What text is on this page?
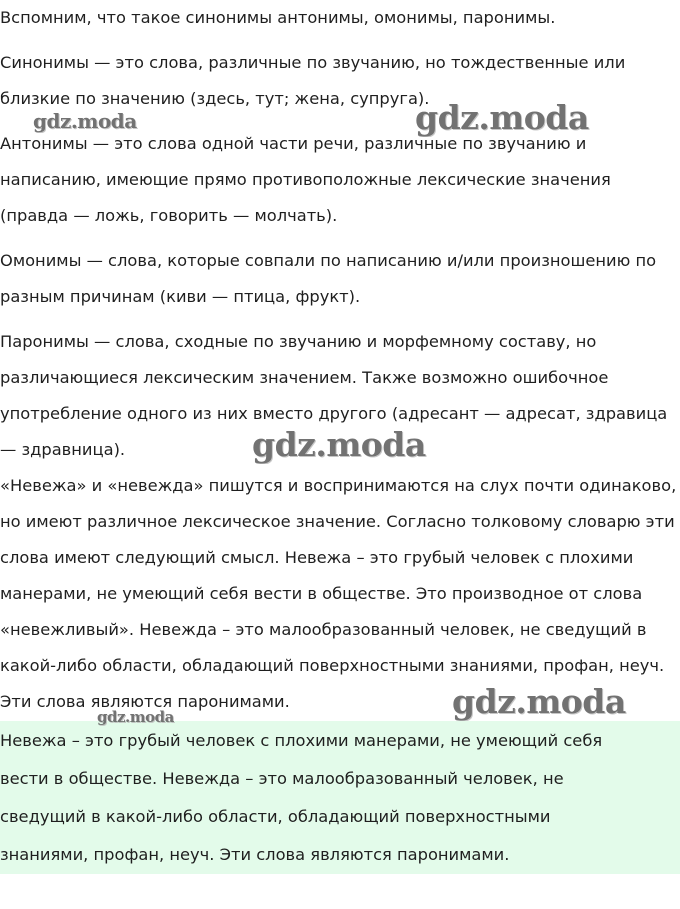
Вспомним, что такое синонимы антонимы, омонимы, паронимы.

Синонимы — это слова, различные по звучанию, но тождественные или

близкие по значению (здесь, тут; жена, супруга).

Антонимы — это слова одной части речи, различные по звучанию и

написанию, имеющие прямо противоположные лексические значения

(правда — ложь, говорить — молчать).

Омонимы — слова, которые совпали по написанию и/или произношению по

разным причинам (киви — птица, фрукт).

Паронимы — слова, сходные по звучанию и морфемному составу, но

различающиеся лексическим значением. Также возможно ошибочное

употребление одного из них вместо другого (адресант — адресат, здравица

— здравница).

«Невежа» и «невежда» пишутся и воспринимаются на слух почти одинаково,

но имеют различное лексическое значение. Согласно толковому словарю эти

слова имеют следующий смысл. Невежа – это грубый человек с плохими

манерами, не умеющий себя вести в обществе. Это производное от слова

«невежливый». Невежда – это малообразованный человек, не сведущий в

какой-либо области, обладающий поверхностными знаниями, профан, неуч.

Эти слова являются паронимами.

Невежа – это грубый человек с плохими манерами, не умеющий себя

вести в обществе. Невежда – это малообразованный человек, не

сведущий в какой-либо области, обладающий поверхностными

знаниями, профан, неуч. Эти слова являются паронимами.

gdz.moda	gdz.moda
gdz.moda
gdz.moda
gdz.moda
